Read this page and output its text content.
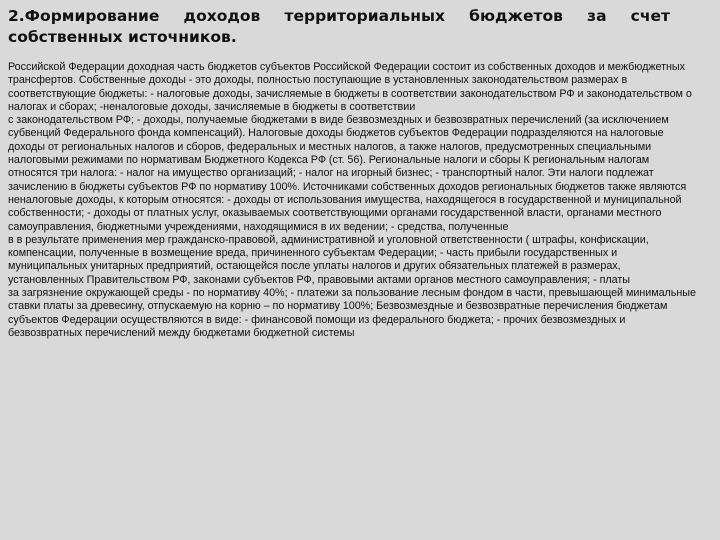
2.Формирование доходов территориальных бюджетов за счет собственных источников.

Российской Федерации доходная часть бюджетов субъектов Российской Федерации состоит из собственных доходов и межбюджетных трансфертов. Собственные доходы - это доходы, полностью поступающие в установленных законодательством размерах в соответствующие бюджеты: - налоговые доходы, зачисляемые в бюджеты в соответствии законодательством РФ и законодательством о налогах и сборах; -неналоговые доходы, зачисляемые в бюджеты в соответствии
с законодательством РФ; - доходы, получаемые бюджетами в виде безвозмездных и безвозвратных перечислений (за исключением субвенций Федерального фонда компенсаций). Налоговые доходы бюджетов субъектов Федерации подразделяются на налоговые доходы от региональных налогов и сборов, федеральных и местных налогов, а также налогов, предусмотренных специальными налоговыми режимами по нормативам Бюджетного Кодекса РФ (ст. 56). Региональные налоги и сборы К региональным налогам относятся три налога: - налог на имущество организаций; - налог на игорный бизнес; - транспортный налог. Эти налоги подлежат зачислению в бюджеты субъектов РФ по нормативу 100%. Источниками собственных доходов региональных бюджетов также являются неналоговые доходы, к которым относятся: - доходы от использования имущества, находящегося в государственной и муниципальной собственности; - доходы от платных услуг, оказываемых соответствующими органами государственной власти, органами местного самоуправления, бюджетными учреждениями, находящимися в их ведении; - средства, полученные
в в результате применения мер гражданско-правовой, административной и уголовной ответственности ( штрафы, конфискации, компенсации, полученные в возмещение вреда, причиненного субъектам Федерации; - часть прибыли государственных и муниципальных унитарных предприятий, остающейся после уплаты налогов и других обязательных платежей в размерах, установленных Правительством РФ, законами субъектов РФ, правовыми актами органов местного самоуправления; - платы
за загрязнение окружающей среды - по нормативу 40%; - платежи за пользование лесным фондом в части, превышающей минимальные ставки платы за древесину, отпускаемую на корню – по нормативу 100%; Безвозмездные и безвозвратные перечисления бюджетам субъектов Федерации осуществляются в виде: - финансовой помощи из федерального бюджета; - прочих безвозмездных и безвозвратных перечислений между бюджетами бюджетной системы
